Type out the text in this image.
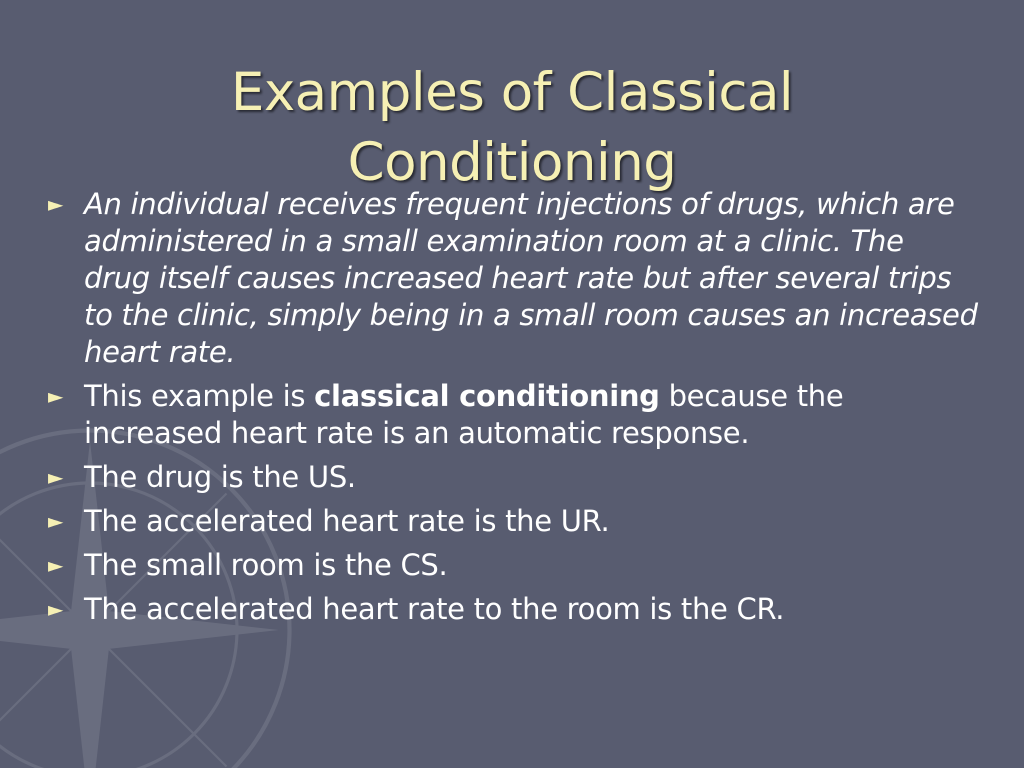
Examples of Classical
Conditioning
► An individual receives frequent injections of drugs, which are administered in a small examination room at a clinic. The drug itself causes increased heart rate but after several trips to the clinic, simply being in a small room causes an increased heart rate.
► This example is classical conditioning because the increased heart rate is an automatic response.
► The drug is the US.
► The accelerated heart rate is the UR.
► The small room is the CS.
► The accelerated heart rate to the room is the CR.
